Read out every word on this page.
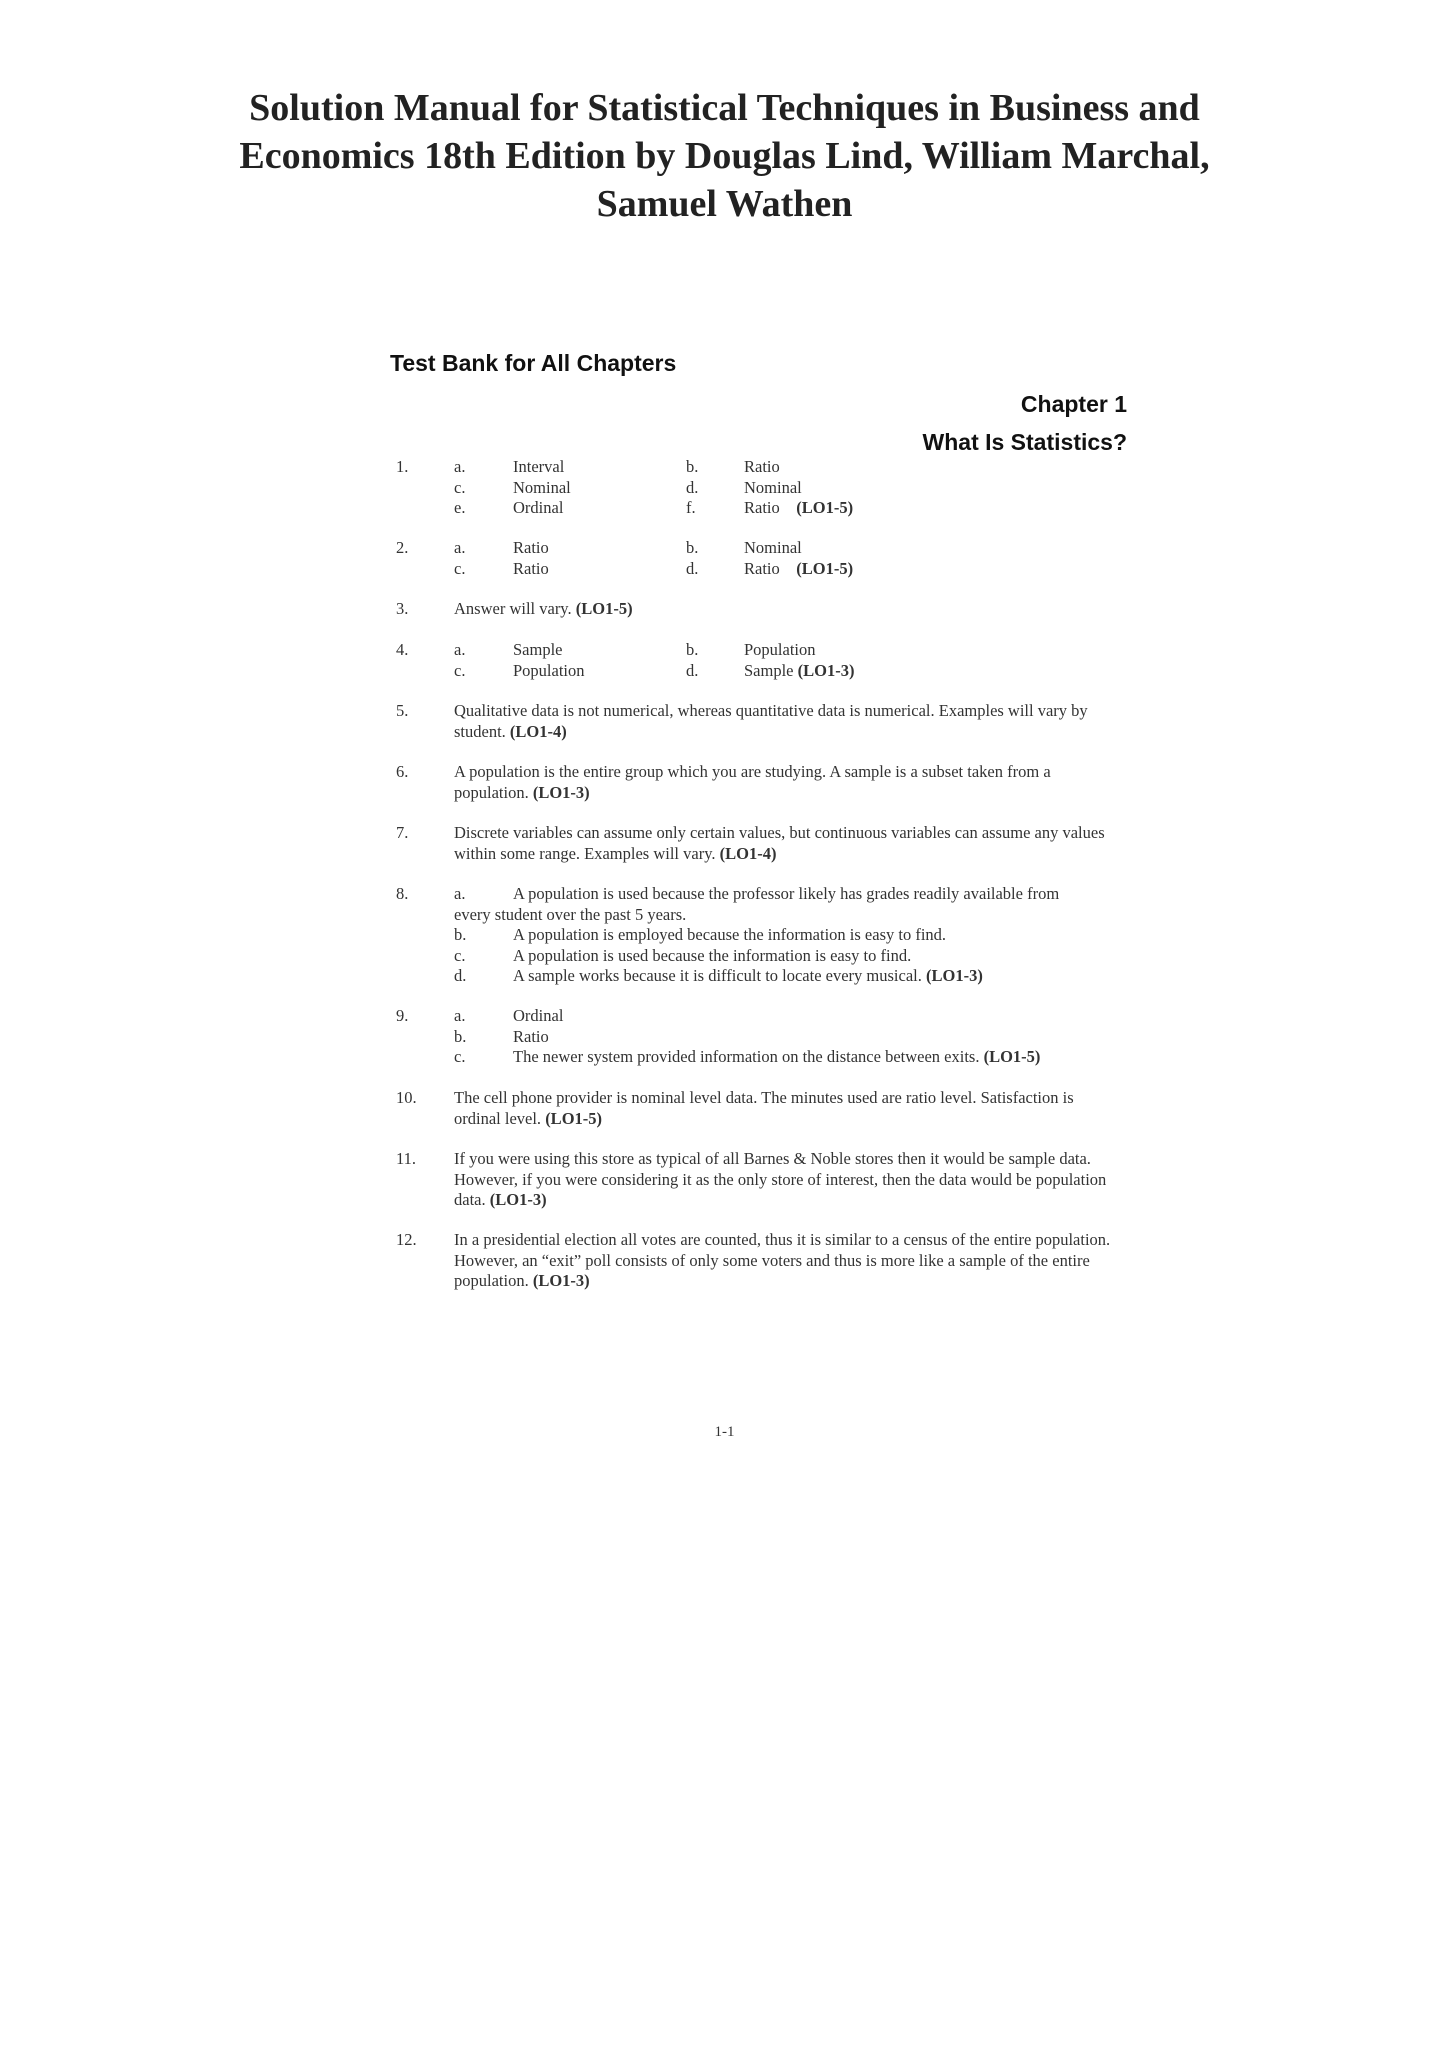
Solution Manual for Statistical Techniques in Business and Economics 18th Edition by Douglas Lind, William Marchal, Samuel Wathen
Test Bank for All Chapters
Chapter 1
What Is Statistics?
1.	a.	Interval	b.	Ratio
c.	Nominal	d.	Nominal
e.	Ordinal	f.	Ratio (LO1-5)
2.	a.	Ratio	b.	Nominal
c.	Ratio	d.	Ratio (LO1-5)
3.	Answer will vary. (LO1-5)
4.	a.	Sample	b.	Population
c.	Population	d.	Sample (LO1-3)
5.	Qualitative data is not numerical, whereas quantitative data is numerical. Examples will vary by student. (LO1-4)
6.	A population is the entire group which you are studying. A sample is a subset taken from a population. (LO1-3)
7.	Discrete variables can assume only certain values, but continuous variables can assume any values within some range. Examples will vary. (LO1-4)
8.	a.	A population is used because the professor likely has grades readily available from
every student over the past 5 years.
b.	A population is employed because the information is easy to find.
c.	A population is used because the information is easy to find.
d.	A sample works because it is difficult to locate every musical. (LO1-3)
9.	a.	Ordinal
b.	Ratio
c.	The newer system provided information on the distance between exits. (LO1-5)
10. The cell phone provider is nominal level data. The minutes used are ratio level. Satisfaction is ordinal level. (LO1-5)
11. If you were using this store as typical of all Barnes & Noble stores then it would be sample data. However, if you were considering it as the only store of interest, then the data would be population data. (LO1-3)
12. In a presidential election all votes are counted, thus it is similar to a census of the entire population. However, an “exit” poll consists of only some voters and thus is more like a sample of the entire population. (LO1-3)
1-1
